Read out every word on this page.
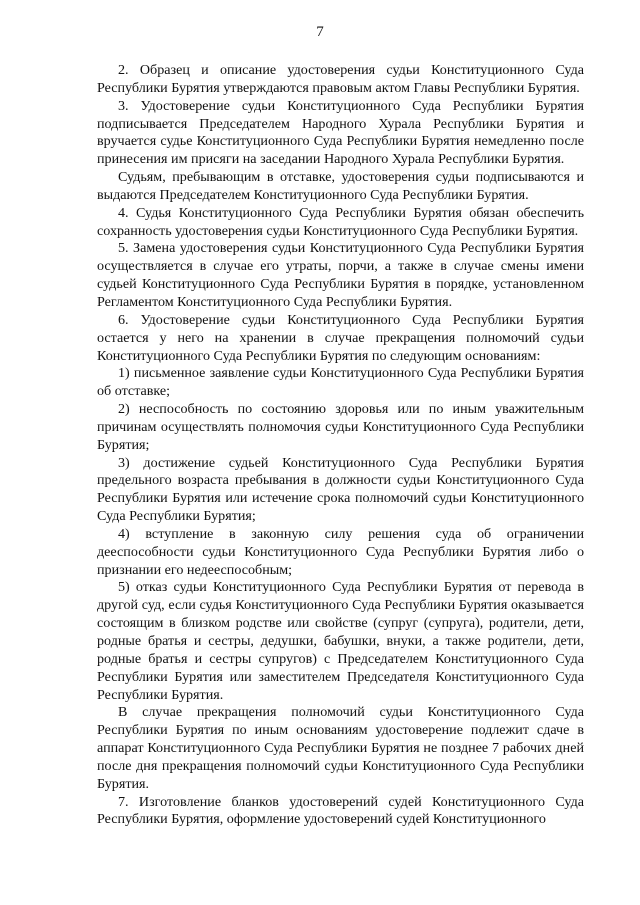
7

2. Образец и описание удостоверения судьи Конституционного Суда Республики Бурятия утверждаются правовым актом Главы Республики Бурятия.

3. Удостоверение судьи Конституционного Суда Республики Бурятия подписывается Председателем Народного Хурала Республики Бурятия и вручается судье Конституционного Суда Республики Бурятия немедленно после принесения им присяги на заседании Народного Хурала Республики Бурятия.

Судьям, пребывающим в отставке, удостоверения судьи подписываются и выдаются Председателем Конституционного Суда Республики Бурятия.

4. Судья Конституционного Суда Республики Бурятия обязан обеспечить сохранность удостоверения судьи Конституционного Суда Республики Бурятия.

5. Замена удостоверения судьи Конституционного Суда Республики Бурятия осуществляется в случае его утраты, порчи, а также в случае смены имени судьей Конституционного Суда Республики Бурятия в порядке, установленном Регламентом Конституционного Суда Республики Бурятия.

6. Удостоверение судьи Конституционного Суда Республики Бурятия остается у него на хранении в случае прекращения полномочий судьи Конституционного Суда Республики Бурятия по следующим основаниям:

1) письменное заявление судьи Конституционного Суда Республики Бурятия об отставке;

2) неспособность по состоянию здоровья или по иным уважительным причинам осуществлять полномочия судьи Конституционного Суда Республики Бурятия;

3) достижение судьей Конституционного Суда Республики Бурятия предельного возраста пребывания в должности судьи Конституционного Суда Республики Бурятия или истечение срока полномочий судьи Конституционного Суда Республики Бурятия;

4) вступление в законную силу решения суда об ограничении дееспособности судьи Конституционного Суда Республики Бурятия либо о признании его недееспособным;

5) отказ судьи Конституционного Суда Республики Бурятия от перевода в другой суд, если судья Конституционного Суда Республики Бурятия оказывается состоящим в близком родстве или свойстве (супруг (супруга), родители, дети, родные братья и сестры, дедушки, бабушки, внуки, а также родители, дети, родные братья и сестры супругов) с Председателем Конституционного Суда Республики Бурятия или заместителем Председателя Конституционного Суда Республики Бурятия.

В случае прекращения полномочий судьи Конституционного Суда Республики Бурятия по иным основаниям удостоверение подлежит сдаче в аппарат Конституционного Суда Республики Бурятия не позднее 7 рабочих дней после дня прекращения полномочий судьи Конституционного Суда Республики Бурятия.

7. Изготовление бланков удостоверений судей Конституционного Суда Республики Бурятия, оформление удостоверений судей Конституционного
